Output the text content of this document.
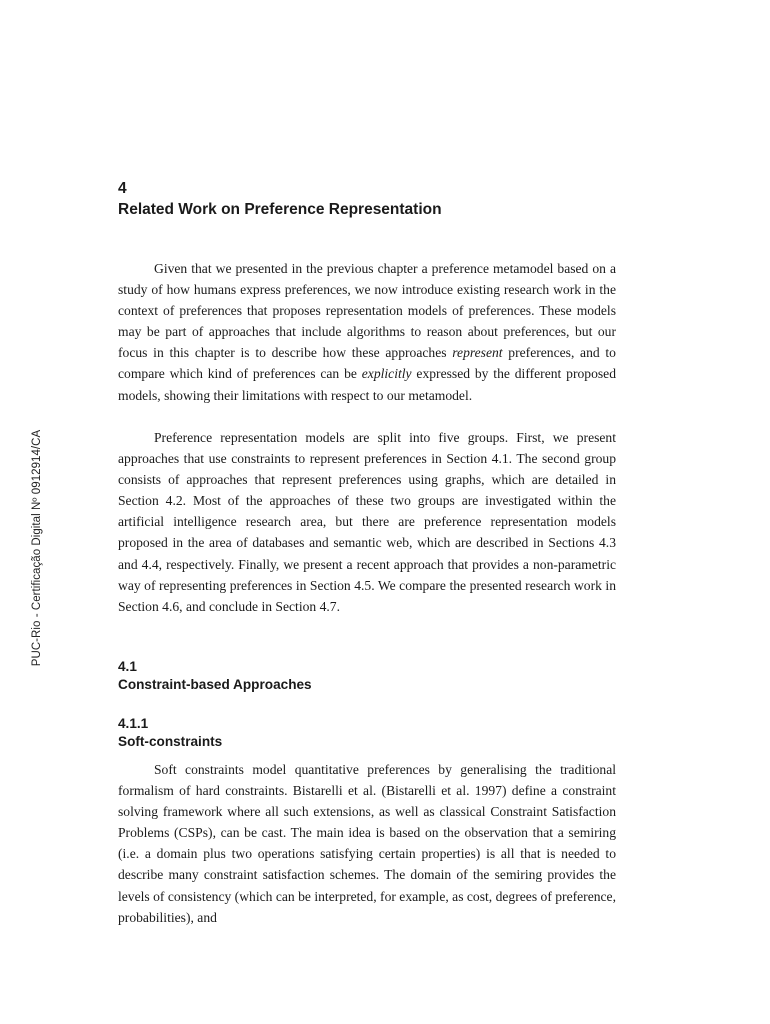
PUC-Rio - Certificação Digital Nº 0912914/CA
4
Related Work on Preference Representation

Given that we presented in the previous chapter a preference metamodel based on a study of how humans express preferences, we now introduce existing research work in the context of preferences that proposes representation models of preferences. These models may be part of approaches that include algorithms to reason about preferences, but our focus in this chapter is to describe how these approaches represent preferences, and to compare which kind of preferences can be explicitly expressed by the different proposed models, showing their limitations with respect to our metamodel.

Preference representation models are split into five groups. First, we present approaches that use constraints to represent preferences in Section 4.1. The second group consists of approaches that represent preferences using graphs, which are detailed in Section 4.2. Most of the approaches of these two groups are investigated within the artificial intelligence research area, but there are preference representation models proposed in the area of databases and semantic web, which are described in Sections 4.3 and 4.4, respectively. Finally, we present a recent approach that provides a non-parametric way of representing preferences in Section 4.5. We compare the presented research work in Section 4.6, and conclude in Section 4.7.

4.1
Constraint-based Approaches
4.1.1
Soft-constraints

Soft constraints model quantitative preferences by generalising the traditional formalism of hard constraints. Bistarelli et al. (Bistarelli et al. 1997) define a constraint solving framework where all such extensions, as well as classical Constraint Satisfaction Problems (CSPs), can be cast. The main idea is based on the observation that a semiring (i.e. a domain plus two operations satisfying certain properties) is all that is needed to describe many constraint satisfaction schemes. The domain of the semiring provides the levels of consistency (which can be interpreted, for example, as cost, degrees of preference, probabilities), and
